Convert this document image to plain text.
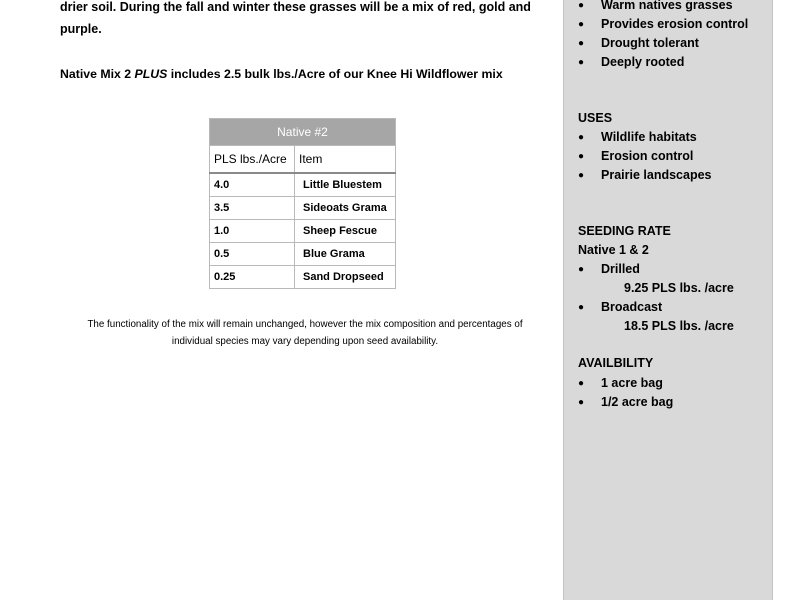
drier soil. During the fall and winter these grasses will be a mix of red, gold and
purple.

Native Mix 2 PLUS includes 2.5 bulk lbs./Acre of our Knee Hi Wildflower mix

Native #2	
PLS lbs./Acre	Item
4.0	Little Bluestem
3.5	Sideoats Grama
1.0	Sheep Fescue
0.5	Blue Grama
0.25	Sand Dropseed

The functionality of the mix will remain unchanged, however the mix composition and percentages of
individual species may vary depending upon seed availability.

● Warm natives grasses
● Provides erosion control
● Drought tolerant
● Deeply rooted

USES

● Wildlife habitats
● Erosion control
● Prairie landscapes

SEEDING RATE

Native 1 & 2

● Drilled

9.25 PLS lbs. /acre

● Broadcast

18.5 PLS lbs. /acre

AVAILBILITY

● 1 acre bag
● 1/2 acre bag
